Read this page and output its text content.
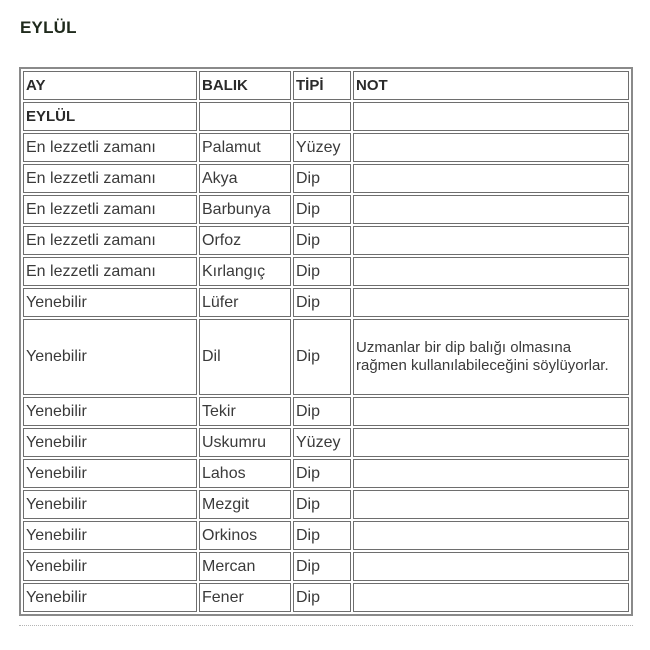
EYLÜL
AY	BALIK	TİPİ	NOT
EYLÜL			
En lezzetli zamanı	Palamut	Yüzey	
En lezzetli zamanı	Akya	Dip	
En lezzetli zamanı	Barbunya	Dip	
En lezzetli zamanı	Orfoz	Dip	
En lezzetli zamanı	Kırlangıç	Dip	
Yenebilir	Lüfer	Dip	
Yenebilir	Dil	Dip	Uzmanlar bir dip balığı olmasına rağmen kullanılabileceğini söylüyorlar.
Yenebilir	Tekir	Dip	
Yenebilir	Uskumru	Yüzey	
Yenebilir	Lahos	Dip	
Yenebilir	Mezgit	Dip	
Yenebilir	Orkinos	Dip	
Yenebilir	Mercan	Dip	
Yenebilir	Fener	Dip	
